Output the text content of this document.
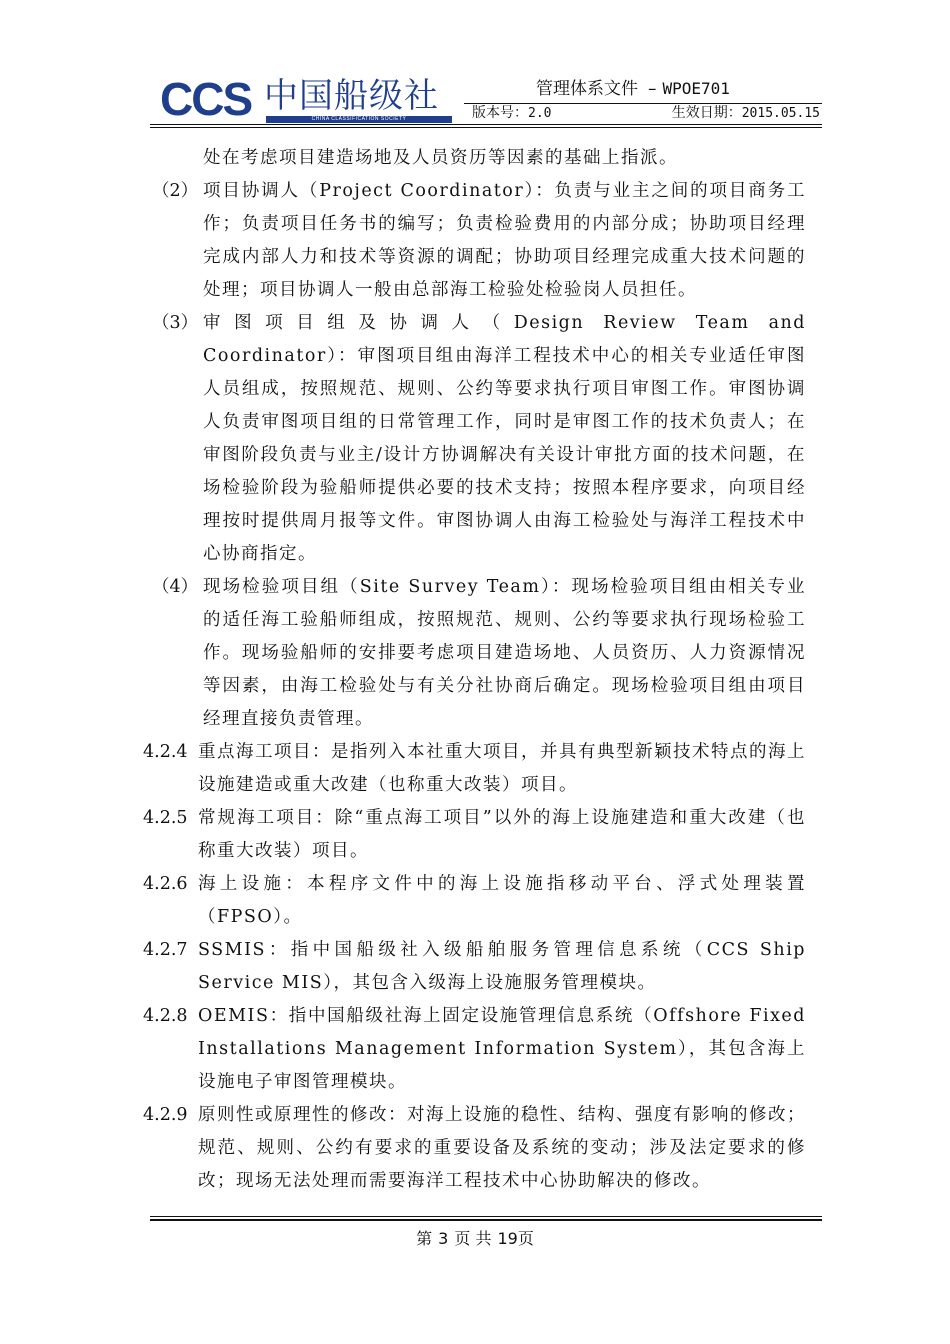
CCS 中国船级社
CHINA CLASSIFICATION SOCIETY
管理体系文件 – WPOE701
版本号：2.0	生效日期：2015.05.15
处在考虑项目建造场地及人员资历等因素的基础上指派。
（2） 项目协调人（Project Coordinator）：负责与业主之间的项目商务工作；负责项目任务书的编写；负责检验费用的内部分成；协助项目经理完成内部人力和技术等资源的调配；协助项目经理完成重大技术问题的处理；项目协调人一般由总部海工检验处检验岗人员担任。
（3） 审图项目组及协调人（Design Review Team and Coordinator）：审图项目组由海洋工程技术中心的相关专业适任审图人员组成，按照规范、规则、公约等要求执行项目审图工作。审图协调人负责审图项目组的日常管理工作，同时是审图工作的技术负责人；在审图阶段负责与业主/设计方协调解决有关设计审批方面的技术问题，在场检验阶段为验船师提供必要的技术支持；按照本程序要求，向项目经理按时提供周月报等文件。审图协调人由海工检验处与海洋工程技术中心协商指定。
（4） 现场检验项目组（Site Survey Team）：现场检验项目组由相关专业的适任海工验船师组成，按照规范、规则、公约等要求执行现场检验工作。现场验船师的安排要考虑项目建造场地、人员资历、人力资源情况等因素，由海工检验处与有关分社协商后确定。现场检验项目组由项目经理直接负责管理。
4.2.4 重点海工项目：是指列入本社重大项目，并具有典型新颖技术特点的海上设施建造或重大改建（也称重大改装）项目。
4.2.5 常规海工项目：除“重点海工项目”以外的海上设施建造和重大改建（也称重大改装）项目。
4.2.6 海上设施：本程序文件中的海上设施指移动平台、浮式处理装置（FPSO）。
4.2.7 SSMIS：指中国船级社入级船舶服务管理信息系统（CCS Ship Service MIS），其包含入级海上设施服务管理模块。
4.2.8 OEMIS：指中国船级社海上固定设施管理信息系统（Offshore Fixed Installations Management Information System），其包含海上设施电子审图管理模块。
4.2.9 原则性或原理性的修改：对海上设施的稳性、结构、强度有影响的修改；规范、规则、公约有要求的重要设备及系统的变动；涉及法定要求的修改；现场无法处理而需要海洋工程技术中心协助解决的修改。
第 3 页 共 19页
